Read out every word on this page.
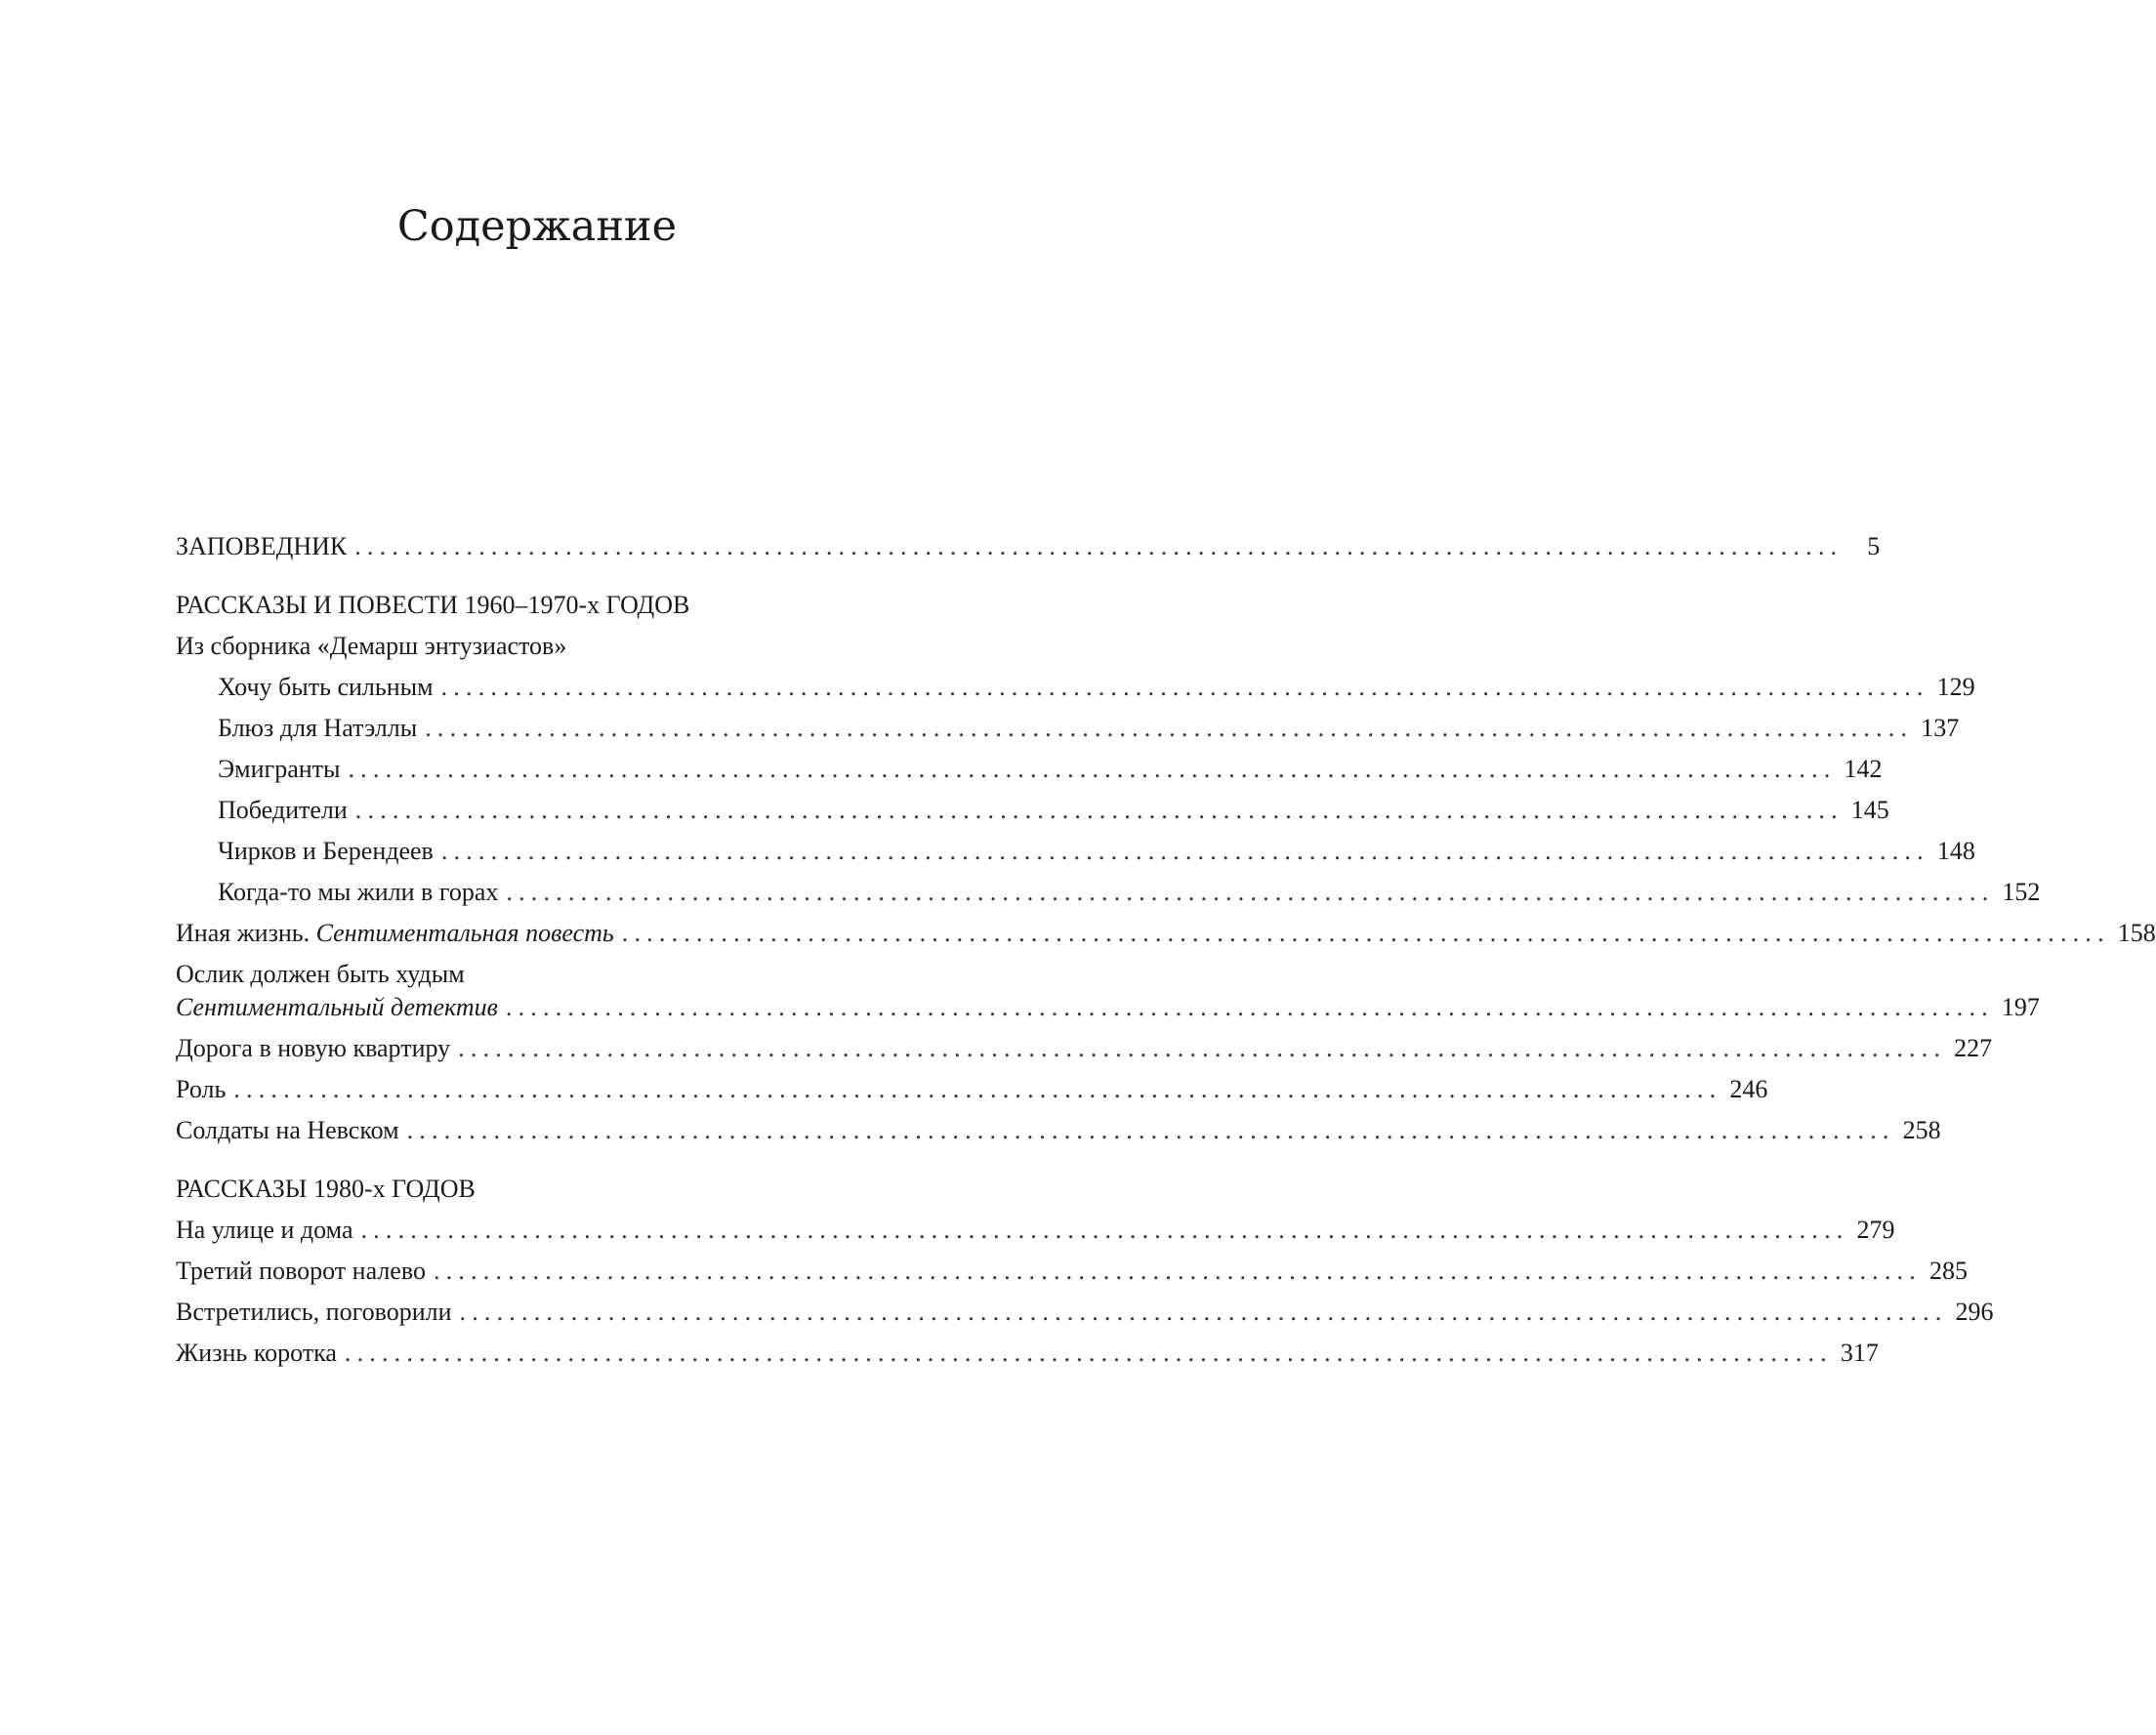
Содержание
ЗАПОВЕДНИК ........................................................................................................................ 5
РАССКАЗЫ И ПОВЕСТИ 1960–1970-х ГОДОВ
Из сборника «Демарш энтузиастов»
Хочу быть сильным ........................................................................................................................ 129
Блюз для Натэллы ........................................................................................................................ 137
Эмигранты ........................................................................................................................ 142
Победители ........................................................................................................................ 145
Чирков и Берендеев ........................................................................................................................ 148
Когда-то мы жили в горах ........................................................................................................................ 152
Иная жизнь. Сентиментальная повесть ........................................................................................................................ 158
Ослик должен быть худым
Сентиментальный детектив ........................................................................................................................ 197
Дорога в новую квартиру ........................................................................................................................ 227
Роль ........................................................................................................................ 246
Солдаты на Невском ........................................................................................................................ 258
РАССКАЗЫ 1980-х ГОДОВ
На улице и дома ........................................................................................................................ 279
Третий поворот налево ........................................................................................................................ 285
Встретились, поговорили ........................................................................................................................ 296
Жизнь коротка ........................................................................................................................ 317
